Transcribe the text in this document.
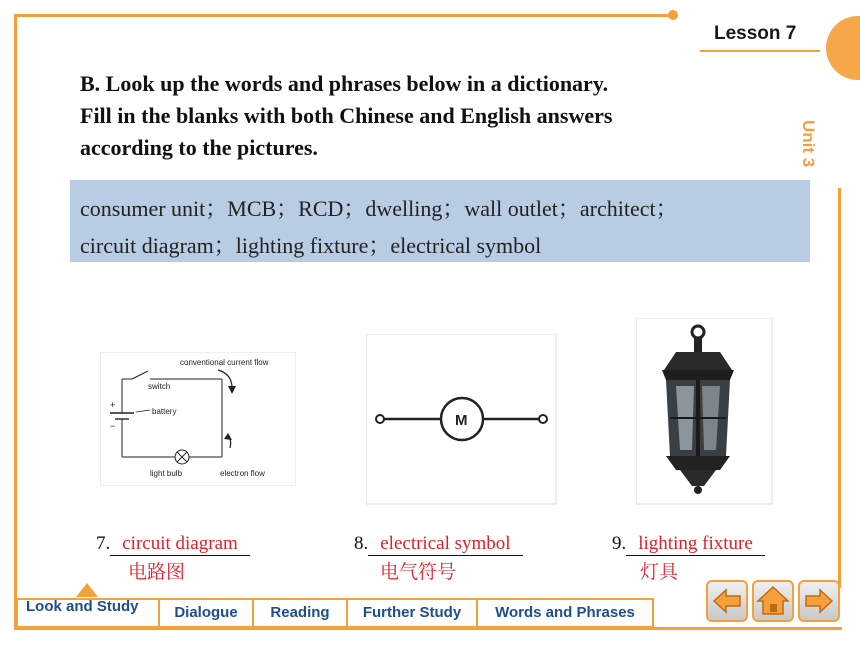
Lesson 7
Unit 3
B. Look up the words and phrases below in a dictionary.
Fill in the blanks with both Chinese and English answers
according to the pictures.
consumer unit；MCB；RCD；dwelling；wall outlet；architect；
circuit diagram；lighting fixture；electrical symbol
conventional current flow
switch
+
−
battery
light bulb	electron flow
M
7. circuit diagram
电路图
8. electrical symbol
电气符号
9. lighting fixture
灯具
Look and Study	Dialogue	Reading	Further Study	Words and Phrases
